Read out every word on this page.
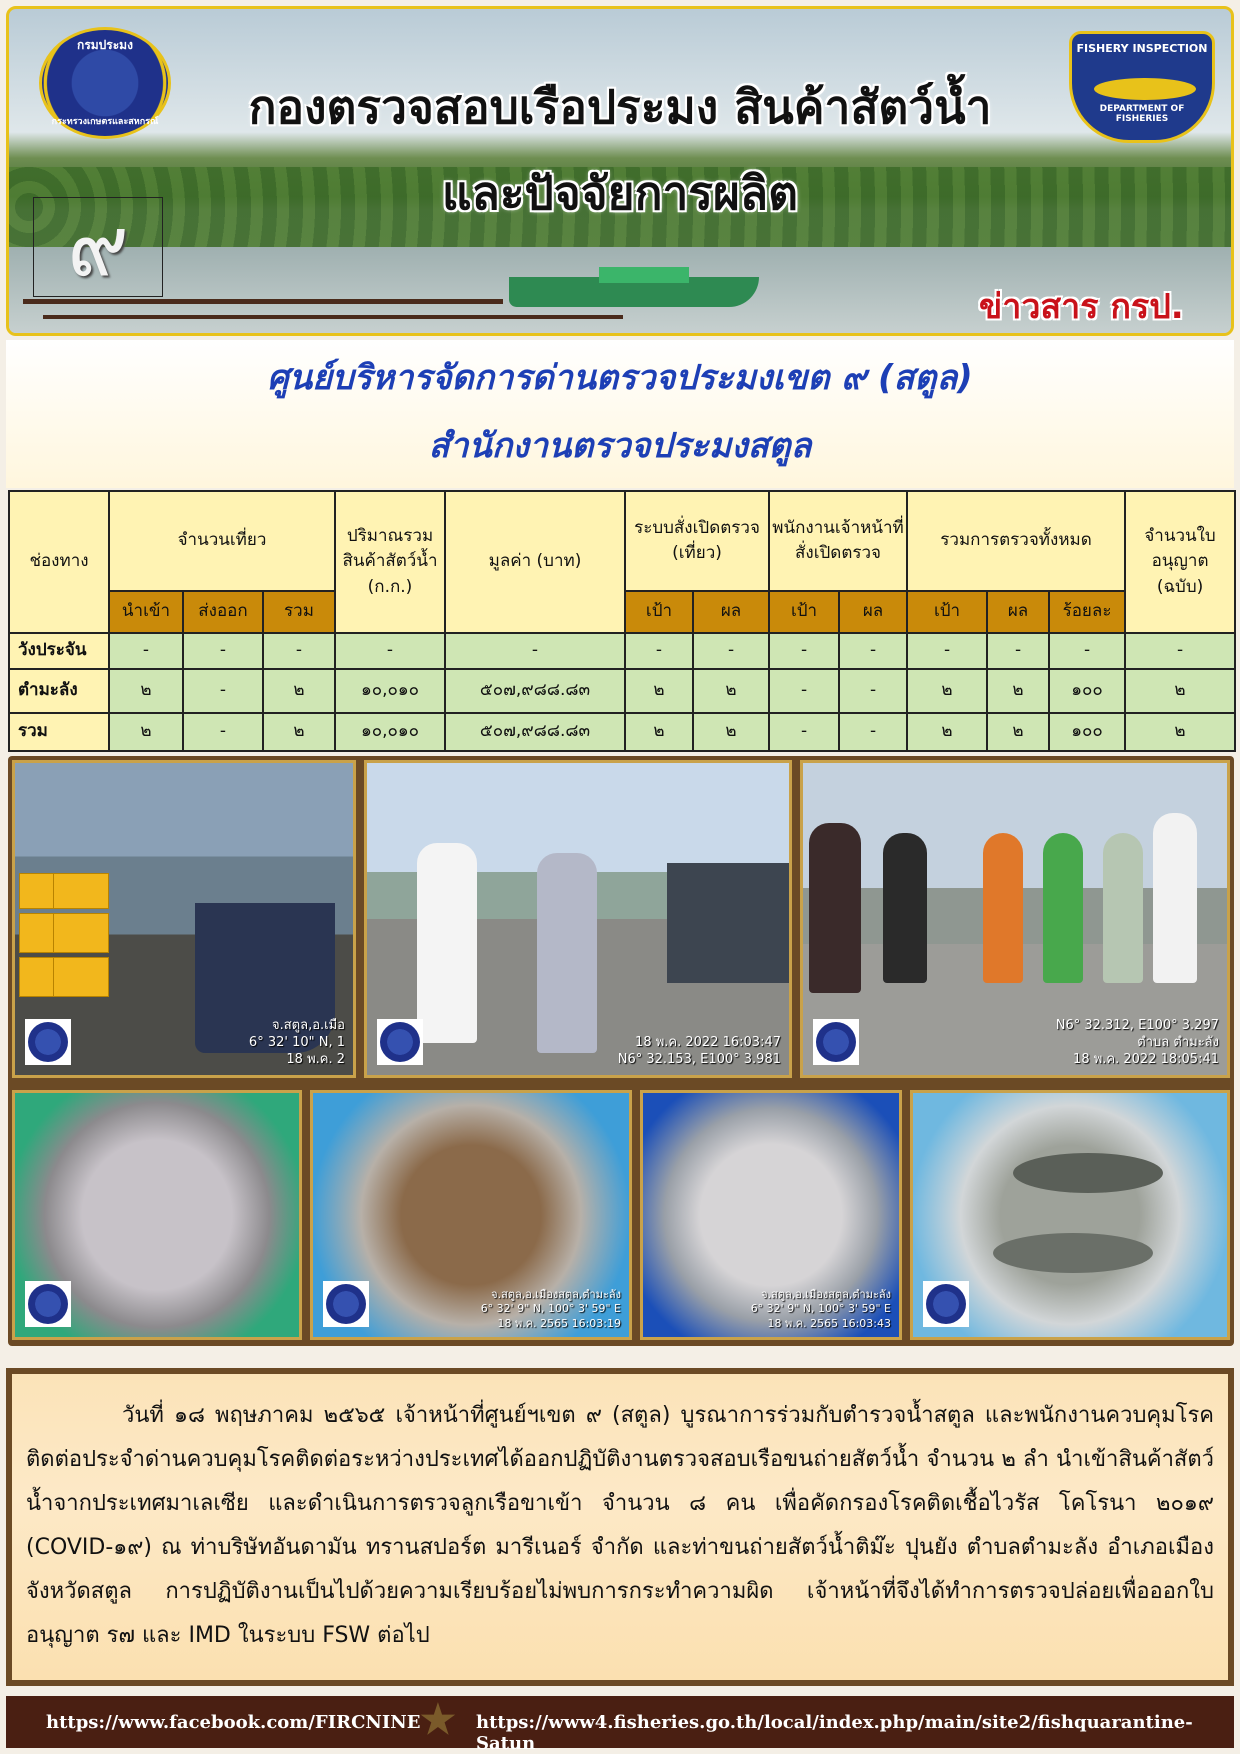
กรมประมง
กระทรวงเกษตรและสหกรณ์
FISHERY INSPECTION
DEPARTMENT OF FISHERIES
กองตรวจสอบเรือประมง สินค้าสัตว์น้ำ
และปัจจัยการผลิต
๙
ข่าวสาร กรป.
ศูนย์บริหารจัดการด่านตรวจประมงเขต ๙ (สตูล)
สำนักงานตรวจประมงสตูล
ช่องทาง	จำนวนเที่ยว			ปริมาณรวมสินค้าสัตว์น้ำ (ก.ก.)	มูลค่า (บาท)	ระบบสั่งเปิดตรวจ (เที่ยว)		พนักงานเจ้าหน้าที่สั่งเปิดตรวจ		รวมการตรวจทั้งหมด			จำนวนใบอนุญาต (ฉบับ)
	นำเข้า	ส่งออก	รวม			เป้า	ผล	เป้า	ผล	เป้า	ผล	ร้อยละ	
วังประจัน	-	-	-	-	-	-	-	-	-	-	-	-	-
ตำมะลัง	๒	-	๒	๑๐,๐๑๐	๕๐๗,๙๘๘.๘๓	๒	๒	-	-	๒	๒	๑๐๐	๒
รวม	๒	-	๒	๑๐,๐๑๐	๕๐๗,๙๘๘.๘๓	๒	๒	-	-	๒	๒	๑๐๐	๒
จ.สตูล,อ.เมือ
6° 32' 10" N, 1
18 พ.ค. 2
18 พ.ค. 2022 16:03:47
N6° 32.153, E100° 3.981
N6° 32.312, E100° 3.297
ตำบล ตำมะลัง
18 พ.ค. 2022 18:05:41
จ.สตูล,อ.เมืองสตูล,ตำมะลัง
6° 32' 9" N, 100° 3' 59" E
18 พ.ค. 2565 16:03:19
จ.สตูล,อ.เมืองสตูล,ตำมะลัง
6° 32' 9" N, 100° 3' 59" E
18 พ.ค. 2565 16:03:43

วันที่ ๑๘ พฤษภาคม ๒๕๖๕ เจ้าหน้าที่ศูนย์ฯเขต ๙ (สตูล) บูรณาการร่วมกับตำรวจน้ำสตูล และพนักงานควบคุมโรคติดต่อประจำด่านควบคุมโรคติดต่อระหว่างประเทศได้ออกปฏิบัติงานตรวจสอบเรือขนถ่ายสัตว์น้ำ จำนวน ๒ ลำ นำเข้าสินค้าสัตว์น้ำจากประเทศมาเลเซีย และดำเนินการตรวจลูกเรือขาเข้า จำนวน ๘ คน เพื่อคัดกรองโรคติดเชื้อไวรัส โคโรนา ๒๐๑๙ (COVID-๑๙) ณ ท่าบริษัทอันดามัน ทรานสปอร์ต มารีเนอร์ จำกัด และท่าขนถ่ายสัตว์น้ำติม๊ะ ปุนยัง ตำบลตำมะลัง อำเภอเมือง จังหวัดสตูล การปฏิบัติงานเป็นไปด้วยความเรียบร้อยไม่พบการกระทำความผิด เจ้าหน้าที่จึงได้ทำการตรวจปล่อยเพื่อออกใบอนุญาต ร๗ และ IMD ในระบบ FSW ต่อไป

https://www.facebook.com/FIRCNINE ★ https://www4.fisheries.go.th/local/index.php/main/site2/fishquarantine-Satun
